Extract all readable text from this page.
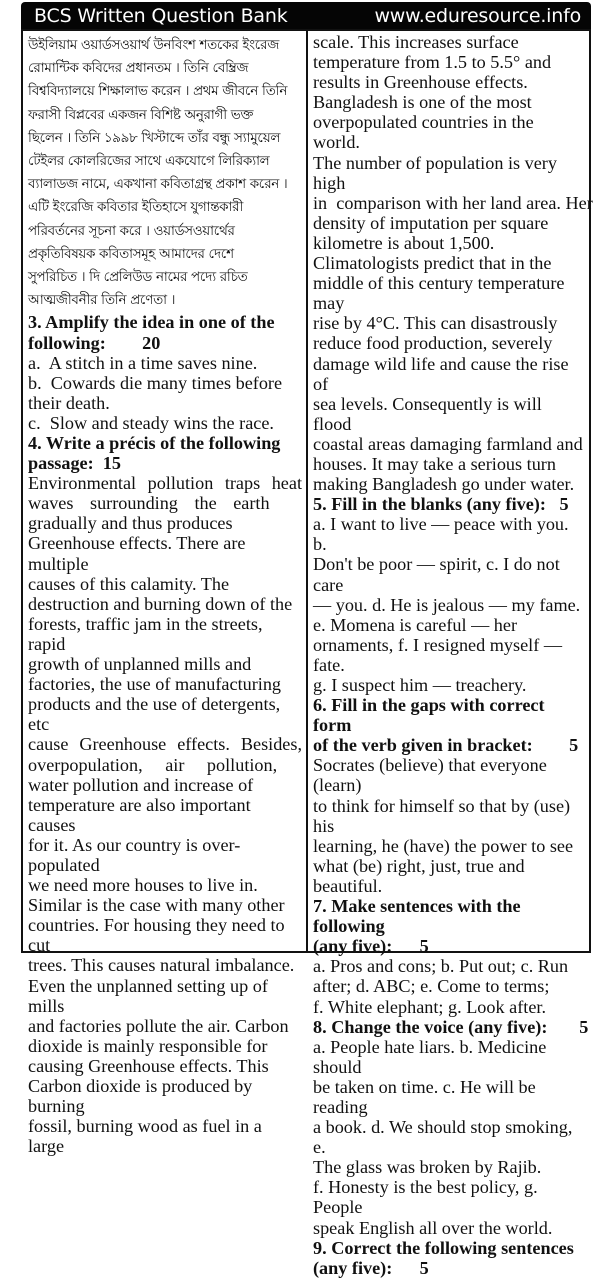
BCS Written Question Bank	www.eduresource.info
উইলিয়াম ওয়ার্ডসওয়ার্থ উনবিংশ শতকের ইংরেজ
রোমান্টিক কবিদের প্রধানতম । তিনি বেম্ব্রিজ
বিশ্ববিদ্যালয়ে শিক্ষালাভ করেন । প্রথম জীবনে তিনি
ফরাসী বিপ্লবের একজন বিশিষ্ট অনুরাগী ভক্ত
ছিলেন । তিনি ১৯৯৮ খিস্টাব্দে তাঁর বন্ধু স্যামুয়েল
টেইলর কোলরিজের সাথে একযোগে লিরিক্যাল
ব্যালাডজ নামে, একখানা কবিতাগ্রন্থ প্রকাশ করেন ।
এটি ইংরেজি কবিতার ইতিহাসে যুগান্তকারী
পরিবর্তনের সূচনা করে । ওয়ার্ডসওয়ার্থের
প্রকৃতিবিষয়ক কবিতাসমূহ আমাদের দেশে
সুপরিচিত । দি প্রেলিউড নামের পদ্যে রচিত
আত্মজীবনীর তিনি প্রণেতা ।
3. Amplify the idea in one of the
following:        20
a.  A stitch in a time saves nine.
b.  Cowards die many times before
their death.
c.  Slow and steady wins the race.
4. Write a précis of the following
passage:  15
Environmental pollution traps heat
waves surrounding the earth
gradually and thus produces
Greenhouse effects. There are multiple
causes of this calamity. The
destruction and burning down of the
forests, traffic jam in the streets, rapid
growth of unplanned mills and
factories, the use of manufacturing
products and the use of detergents, etc
cause Greenhouse effects. Besides,
overpopulation, air pollution,
water pollution and increase of
temperature are also important causes
for it. As our country is over-populated
we need more houses to live in.
Similar is the case with many other
countries. For housing they need to cut
trees. This causes natural imbalance.
Even the unplanned setting up of mills
and factories pollute the air. Carbon
dioxide is mainly responsible for
causing Greenhouse effects. This
Carbon dioxide is produced by burning
fossil, burning wood as fuel in a large
scale. This increases surface
temperature from 1.5 to 5.5° and
results in Greenhouse effects.
Bangladesh is one of the most
overpopulated countries in the world.
The number of population is very high
in  comparison with her land area. Her
density of imputation per square
kilometre is about 1,500.
Climatologists predict that in the
middle of this century temperature may
rise by 4°C. This can disastrously
reduce food production, severely
damage wild life and cause the rise of
sea levels. Consequently is will flood
coastal areas damaging farmland and
houses. It may take a serious turn
making Bangladesh go under water.
5. Fill in the blanks (any five):   5
a. I want to live — peace with you. b.
Don't be poor — spirit, c. I do not care
— you. d. He is jealous — my fame.
e. Momena is careful — her
ornaments, f. I resigned myself — fate.
g. I suspect him — treachery.
6. Fill in the gaps with correct form
of the verb given in bracket:        5
Socrates (believe) that everyone (learn)
to think for himself so that by (use) his
learning, he (have) the power to see
what (be) right, just, true and beautiful.
7. Make sentences with the following
(any five):      5
a. Pros and cons; b. Put out; c. Run
after; d. ABC; e. Come to terms;
f. White elephant; g. Look after.
8. Change the voice (any five):       5
a. People hate liars. b. Medicine should
be taken on time. c. He will be reading
a book. d. We should stop smoking, e.
The glass was broken by Rajib.
f. Honesty is the best policy, g. People
speak English all over the world.
9. Correct the following sentences
(any five):      5
